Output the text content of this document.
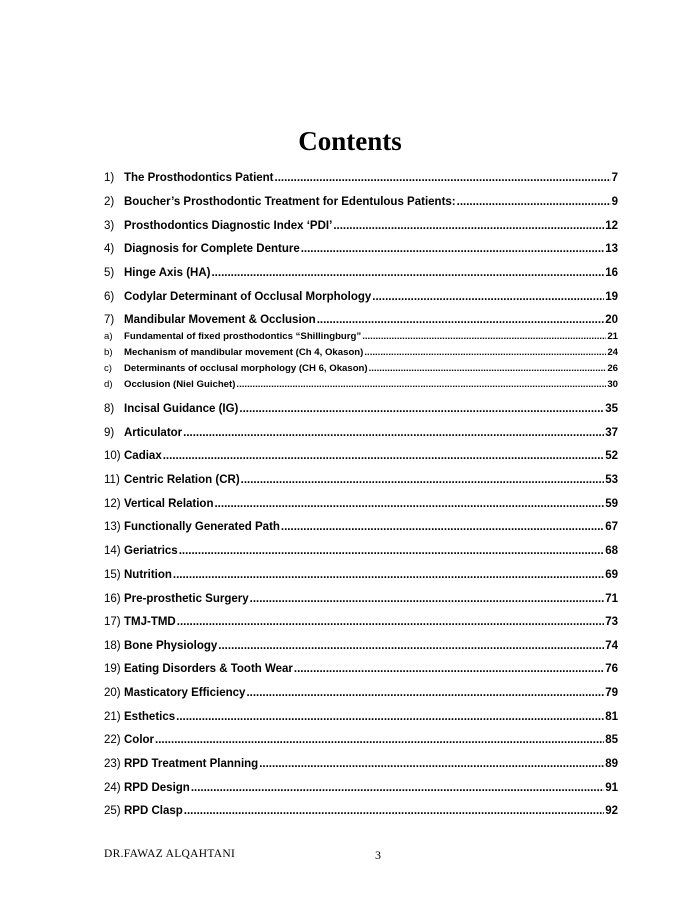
Contents
1) The Prosthodontics Patient .....	7
2) Boucher’s Prosthodontic Treatment for Edentulous Patients: .....	9
3) Prosthodontics Diagnostic Index ‘PDI’ .....	12
4) Diagnosis for Complete Denture .....	13
5) Hinge Axis (HA) .....	16
6) Codylar Determinant of Occlusal Morphology .....	19
7) Mandibular Movement & Occlusion .....	20
a)	Fundamental of fixed prosthodontics “Shillingburg” .....	21
b)	Mechanism of mandibular movement (Ch 4, Okason) .....	24
c)	Determinants of occlusal morphology (CH 6, Okason) .....	26
d)	Occlusion (Niel Guichet) .....	30
8) Incisal Guidance (IG) .....	35
9) Articulator .....	37
10) Cadiax .....	52
11) Centric Relation (CR) .....	53
12) Vertical Relation .....	59
13) Functionally Generated Path .....	67
14) Geriatrics .....	68
15) Nutrition .....	69
16) Pre-prosthetic Surgery .....	71
17) TMJ-TMD .....	73
18) Bone Physiology .....	74
19) Eating Disorders & Tooth Wear .....	76
20) Masticatory Efficiency .....	79
21) Esthetics .....	81
22) Color .....	85
23) RPD Treatment Planning .....	89
24) RPD Design .....	91
25) RPD Clasp .....	92
DR.FAWAZ ALQAHTANI	3
